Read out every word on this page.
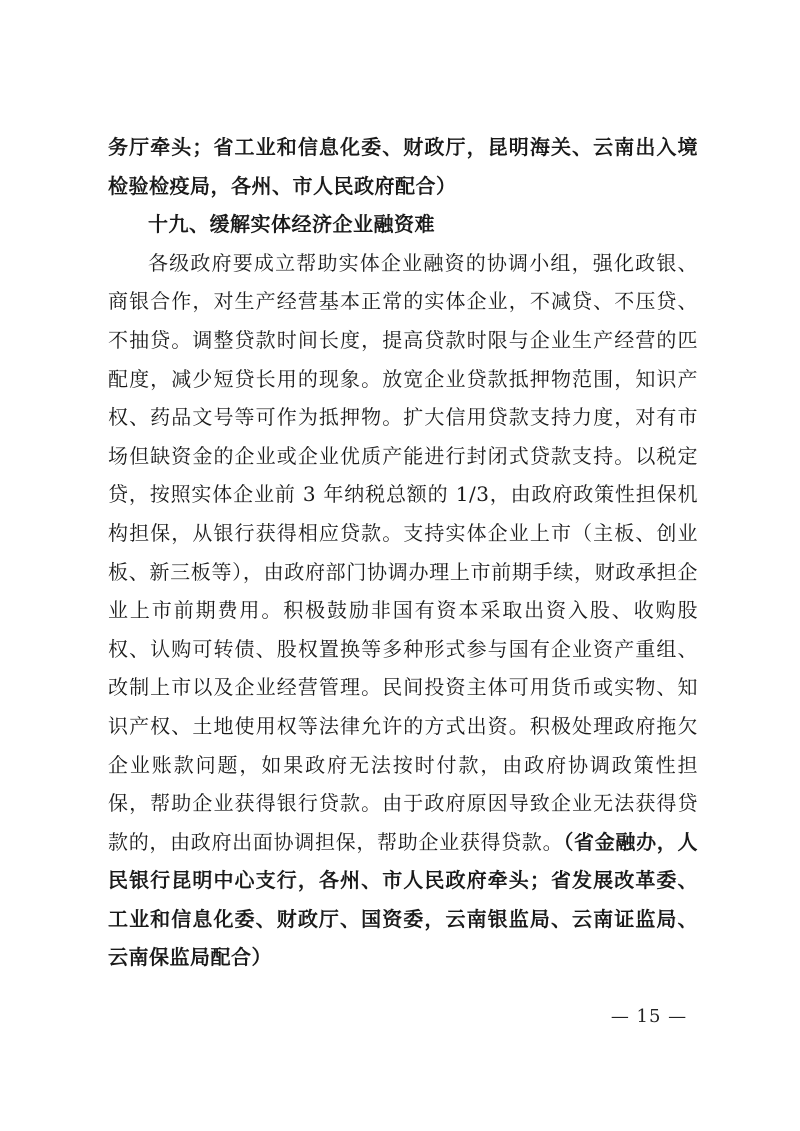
务厅牵头；省工业和信息化委、财政厅，昆明海关、云南出入境检验检疫局，各州、市人民政府配合）

十九、缓解实体经济企业融资难

各级政府要成立帮助实体企业融资的协调小组，强化政银、商银合作，对生产经营基本正常的实体企业，不减贷、不压贷、不抽贷。调整贷款时间长度，提高贷款时限与企业生产经营的匹配度，减少短贷长用的现象。放宽企业贷款抵押物范围，知识产权、药品文号等可作为抵押物。扩大信用贷款支持力度，对有市场但缺资金的企业或企业优质产能进行封闭式贷款支持。以税定贷，按照实体企业前 3 年纳税总额的 1/3，由政府政策性担保机构担保，从银行获得相应贷款。支持实体企业上市（主板、创业板、新三板等），由政府部门协调办理上市前期手续，财政承担企业上市前期费用。积极鼓励非国有资本采取出资入股、收购股权、认购可转债、股权置换等多种形式参与国有企业资产重组、改制上市以及企业经营管理。民间投资主体可用货币或实物、知识产权、土地使用权等法律允许的方式出资。积极处理政府拖欠企业账款问题，如果政府无法按时付款，由政府协调政策性担保，帮助企业获得银行贷款。由于政府原因导致企业无法获得贷款的，由政府出面协调担保，帮助企业获得贷款。（省金融办，人民银行昆明中心支行，各州、市人民政府牵头；省发展改革委、工业和信息化委、财政厅、国资委，云南银监局、云南证监局、云南保监局配合）

— 15 —
